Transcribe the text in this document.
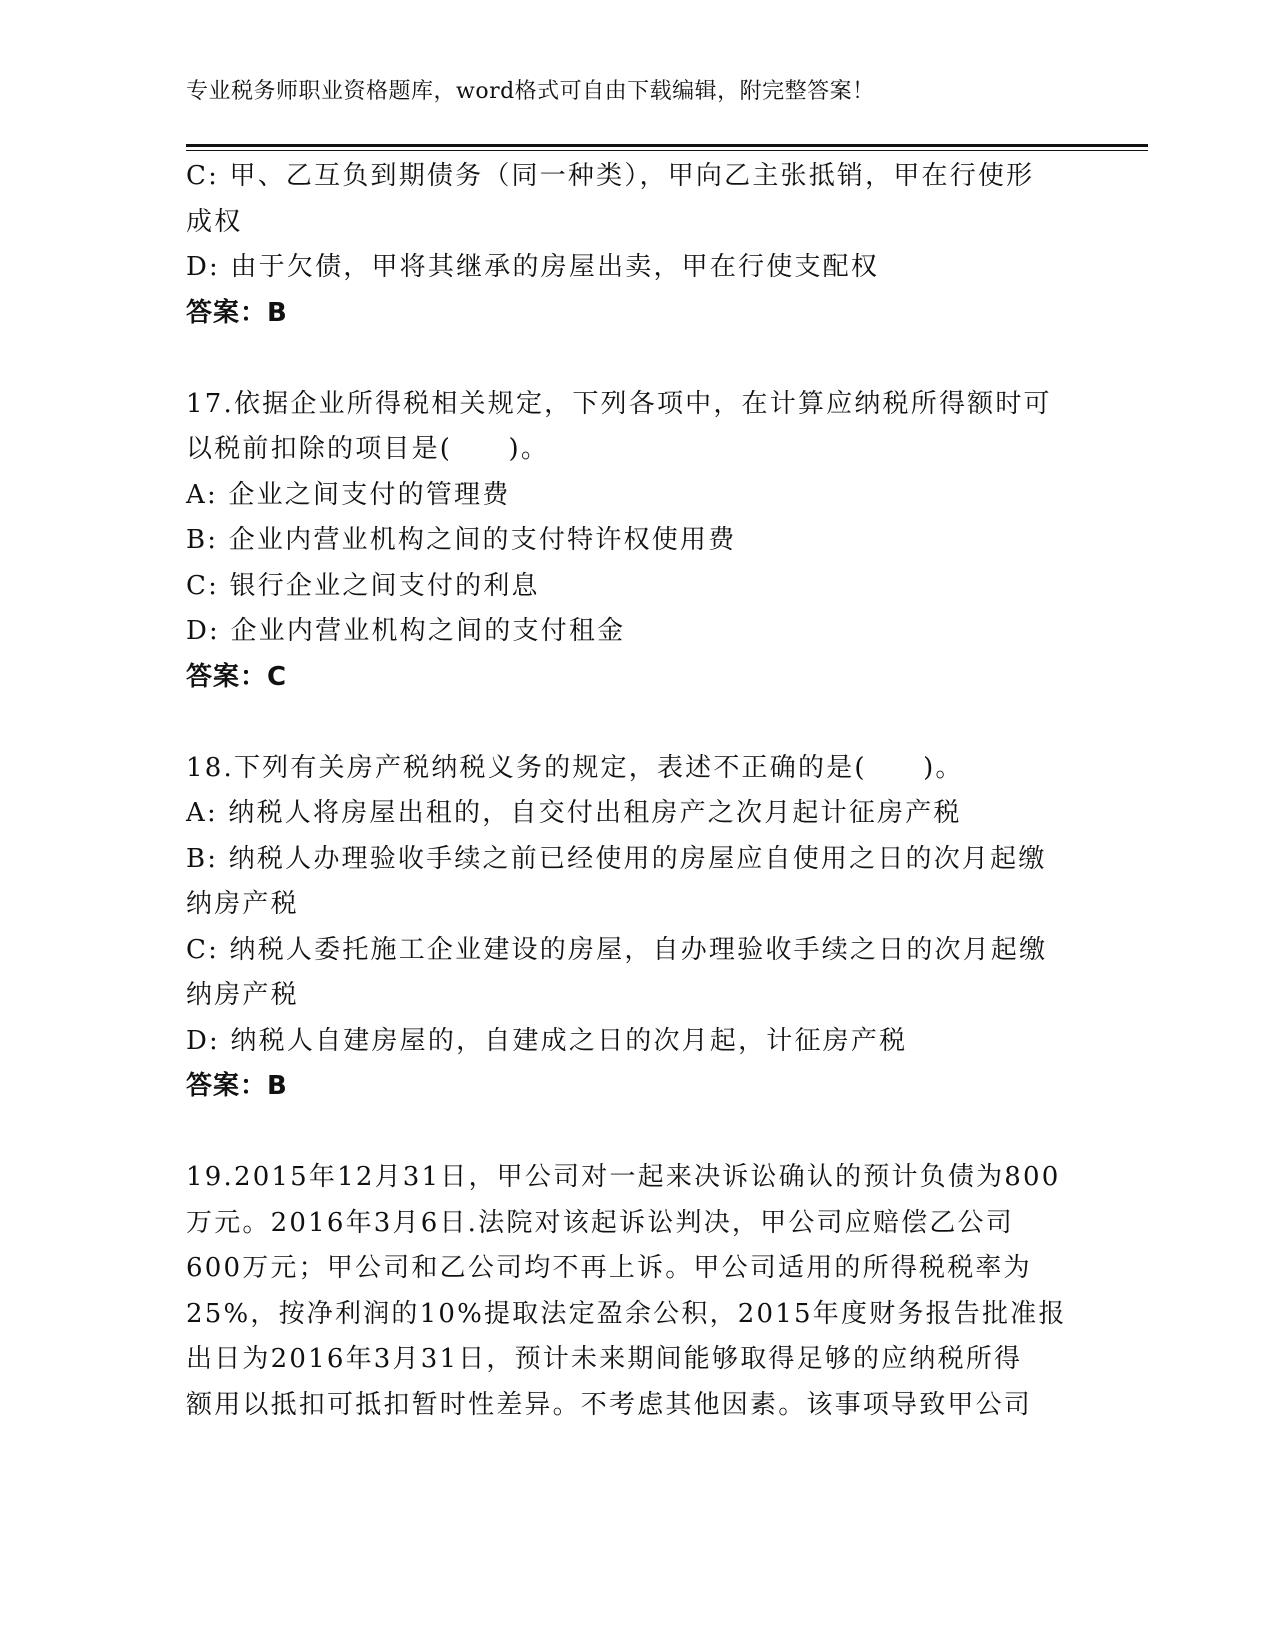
专业税务师职业资格题库，word格式可自由下载编辑，附完整答案！
C: 甲、乙互负到期债务（同一种类），甲向乙主张抵销，甲在行使形
成权
D: 由于欠债，甲将其继承的房屋出卖，甲在行使支配权
答案：B
17.依据企业所得税相关规定，下列各项中，在计算应纳税所得额时可
以税前扣除的项目是(　　)。
A: 企业之间支付的管理费
B: 企业内营业机构之间的支付特许权使用费
C: 银行企业之间支付的利息
D: 企业内营业机构之间的支付租金
答案：C
18.下列有关房产税纳税义务的规定，表述不正确的是(　　)。
A: 纳税人将房屋出租的，自交付出租房产之次月起计征房产税
B: 纳税人办理验收手续之前已经使用的房屋应自使用之日的次月起缴
纳房产税
C: 纳税人委托施工企业建设的房屋，自办理验收手续之日的次月起缴
纳房产税
D: 纳税人自建房屋的，自建成之日的次月起，计征房产税
答案：B
19.2015年12月31日，甲公司对一起来决诉讼确认的预计负债为800
万元。2016年3月6日.法院对该起诉讼判决，甲公司应赔偿乙公司
600万元；甲公司和乙公司均不再上诉。甲公司适用的所得税税率为
25%，按净利润的10%提取法定盈余公积，2015年度财务报告批准报
出日为2016年3月31日，预计未来期间能够取得足够的应纳税所得
额用以抵扣可抵扣暂时性差异。不考虑其他因素。该事项导致甲公司
